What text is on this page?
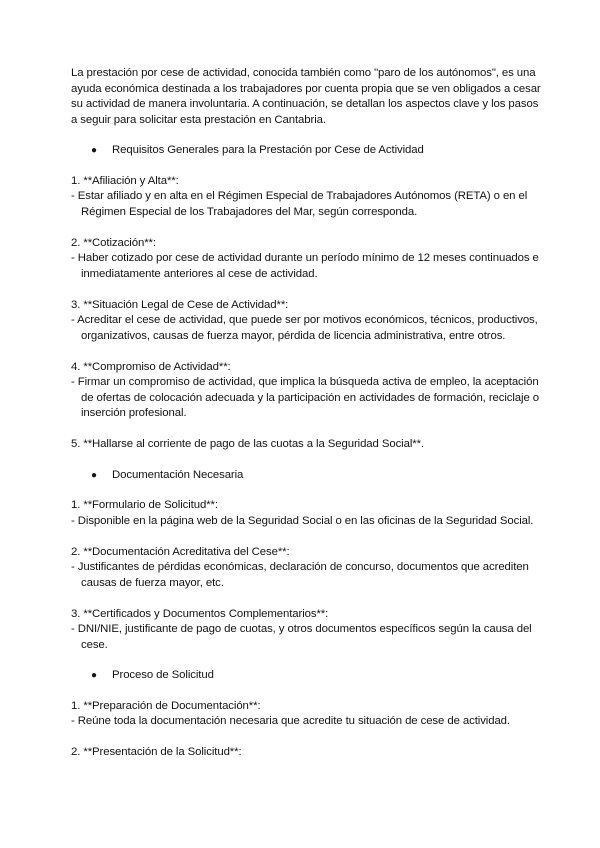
La prestación por cese de actividad, conocida también como "paro de los autónomos", es una ayuda económica destinada a los trabajadores por cuenta propia que se ven obligados a cesar su actividad de manera involuntaria. A continuación, se detallan los aspectos clave y los pasos a seguir para solicitar esta prestación en Cantabria.

●	Requisitos Generales para la Prestación por Cese de Actividad
1. **Afiliación y Alta**:
- Estar afiliado y en alta en el Régimen Especial de Trabajadores Autónomos (RETA) o en el Régimen Especial de los Trabajadores del Mar, según corresponda.
2. **Cotización**:
- Haber cotizado por cese de actividad durante un período mínimo de 12 meses continuados e inmediatamente anteriores al cese de actividad.
3. **Situación Legal de Cese de Actividad**:
- Acreditar el cese de actividad, que puede ser por motivos económicos, técnicos, productivos, organizativos, causas de fuerza mayor, pérdida de licencia administrativa, entre otros.
4. **Compromiso de Actividad**:
- Firmar un compromiso de actividad, que implica la búsqueda activa de empleo, la aceptación de ofertas de colocación adecuada y la participación en actividades de formación, reciclaje o inserción profesional.
5. **Hallarse al corriente de pago de las cuotas a la Seguridad Social**.
●	Documentación Necesaria
1. **Formulario de Solicitud**:
- Disponible en la página web de la Seguridad Social o en las oficinas de la Seguridad Social.
2. **Documentación Acreditativa del Cese**:
- Justificantes de pérdidas económicas, declaración de concurso, documentos que acrediten causas de fuerza mayor, etc.
3. **Certificados y Documentos Complementarios**:
- DNI/NIE, justificante de pago de cuotas, y otros documentos específicos según la causa del cese.
●	Proceso de Solicitud
1. **Preparación de Documentación**:
- Reúne toda la documentación necesaria que acredite tu situación de cese de actividad.
2. **Presentación de la Solicitud**:
